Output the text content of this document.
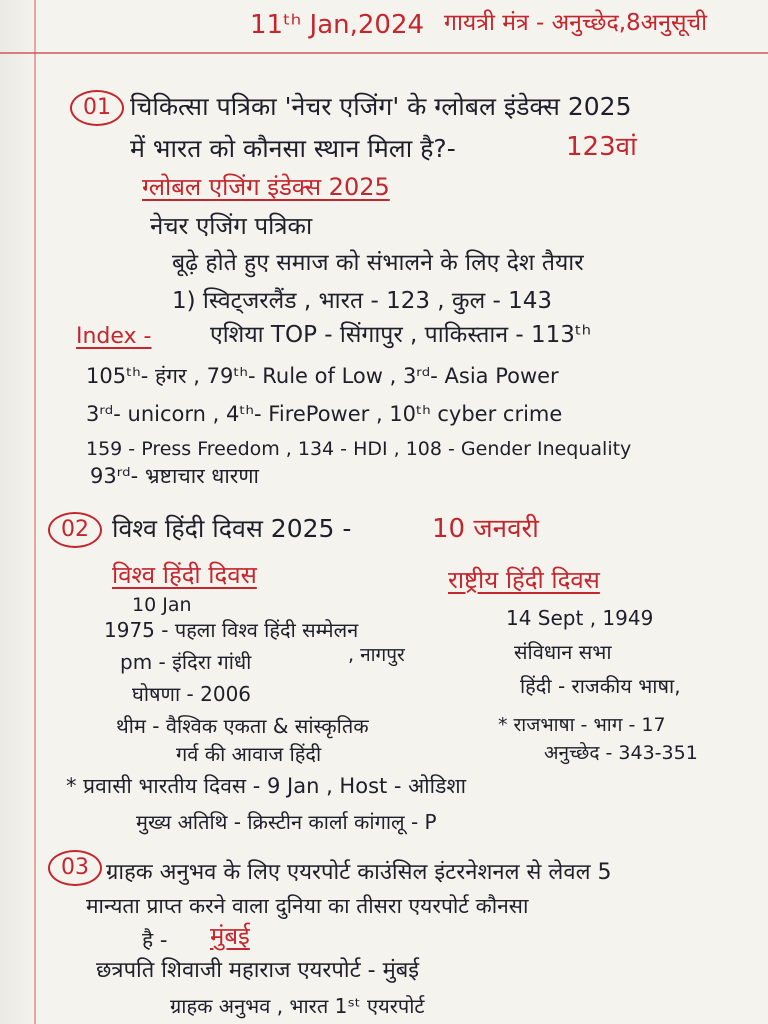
11ᵗʰ Jan,2024 गायत्री मंत्र - अनुच्छेद,8अनुसूची
01 चिकित्सा पत्रिका 'नेचर एजिंग' के ग्लोबल इंडेक्स 2025
में भारत को कौनसा स्थान मिला है?-	123वां
ग्लोबल एजिंग इंडेक्स 2025
नेचर एजिंग पत्रिका
बूढ़े होते हुए समाज को संभालने के लिए देश तैयार
1) स्विट्जरलैंड , भारत - 123 , कुल - 143
एशिया TOP - सिंगापुर , पाकिस्तान - 113ᵗʰ
Index -
105ᵗʰ- हंगर , 79ᵗʰ- Rule of Low , 3ʳᵈ- Asia Power
3ʳᵈ- unicorn , 4ᵗʰ- FirePower , 10ᵗʰ cyber crime
159 - Press Freedom , 134 - HDI , 108 - Gender Inequality
93ʳᵈ- भ्रष्टाचार धारणा
02 विश्व हिंदी दिवस 2025 -	10 जनवरी
विश्व हिंदी दिवस	राष्ट्रीय हिंदी दिवस
10 Jan
1975 - पहला विश्व हिंदी सम्मेलन
, नागपुर
pm - इंदिरा गांधी
घोषणा - 2006
थीम - वैश्विक एकता & सांस्कृतिक
गर्व की आवाज हिंदी
14 Sept , 1949
संविधान सभा
हिंदी - राजकीय भाषा,
* राजभाषा - भाग - 17
अनुच्छेद - 343-351
* प्रवासी भारतीय दिवस - 9 Jan , Host - ओडिशा
मुख्य अतिथि - क्रिस्टीन कार्ला कांगालू - P
03 ग्राहक अनुभव के लिए एयरपोर्ट काउंसिल इंटरनेशनल से लेवल 5
मान्यता प्राप्त करने वाला दुनिया का तीसरा एयरपोर्ट कौनसा
है - मुंबई
छत्रपति शिवाजी महाराज एयरपोर्ट - मुंबई
ग्राहक अनुभव , भारत 1ˢᵗ एयरपोर्ट
